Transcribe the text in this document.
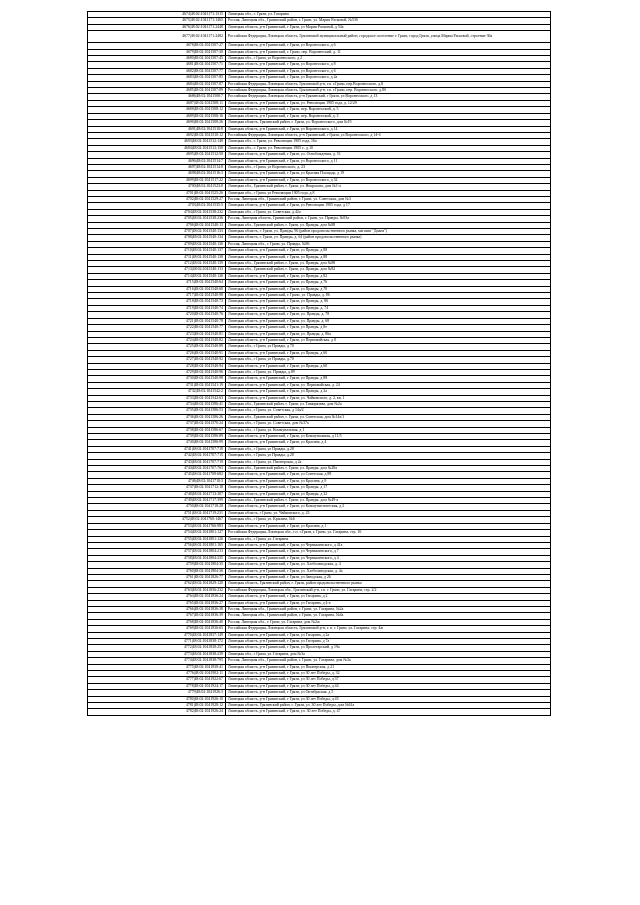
4674|48:02:1041171:1315	Липецкая обл., г. Грязи, ул. Гагарина
4675|48:02:1041171:1465	Россия, Липецкая обл., Грязинский район, г. Грязи, ул. Марии Расковой, №53б
4676|48:02:1041171:2448	Липецкая область, р-н Грязинский, г Грязи, ул Марии Расковой, д 54а
4677|48:02:1041171:2482	Российская Федерация, Липецкая область, Грязинский муниципальный район, городское поселение г. Грязи, город Грязи, улица Марии Расковой, строение 36а
4678|48:02:1041507:27	Липецкая область, р-н Грязинский, г Грязи, ул Воронеоского, д 6
4679|48:02:1041507:30	Липецкая область, р-н Грязинский, г. Грязи, пер. Воронеоский, д. 11
4680|48:02:1041507:45	Липецкая обл., г Грязи, ул Воронеоского, д 2
4681|48:02:1041507:71	Липецкая область, р-н Грязинский, г Грязи, ул Воронеоского, д 8
4682|48:02:1041507:77	Липецкая область, р-н Грязинский, г Грязи, ул Воронеоского, д 6
4683|48:02:1041507:85	Липецкая область, р-н Грязинский, г Грязи, ул Воронеоского, д 2а
4684|48:02:1041507:87	Российская Федерация, Липецкая область, Грязинский р-н, г.п. г.Грязи, пер.Воронеоского, д.8
4685|48:02:1041507:89	Российская Федерация, Липецкая область, Грязинский р-н, г.п. г.Грязи, пер. Воронеоского, д.8б
4686|48:02:1041508:7	Российская Федерация, Липецкая область, р-н Грязинский, г Грязи, ул Воронеоского, д 13
4687|48:02:1041508:11	Липецкая область, р-н Грязинский, г Грязи, ул. Революции 1905 года, д. 12/29
4688|48:02:1041508:12	Липецкая область, р-н Грязинский, г Грязи, пер. Воронеоский, д. 5
4689|48:02:1041508:16	Липецкая область, р-н Грязинский, г Грязи, пер. Воронеоский, д. 3
4690|48:02:1041508:26	Липецкая область, Грязинский район, г. Грязи, ул. Воронеоского, дом №19
4691|48:02:1041510:8	Липецкая область, р-н Грязинский, г Грязи, ул Воронеоского, д 14
4692|48:02:1041510:12	Российская Федерация, Липецкая область, р-н Грязинский, г Грязи, ул Воронеоского, д 14-б
4693|48:02:1041512:148	Липецкая обл., г. Грязи, ул. Революции 1905 года, 16а
4694|48:02:1041512:150	Липецкая обл., г. Грязи, ул. Революции 1905 г., д.10
4695|48:02:1041512:50	Липецкая область, р-н Грязинский, г Грязи, ул. Освобождения, д. 51
4696|48:02:1041514:7	Липецкая область, р-н Грязинский, г Грязи, ул Воронеоского, д 11
4697|48:02:1041514:8	Липецкая обл., г Грязи, ул Воронеоского, д. 23
4698|48:02:1041516:3	Липецкая область, р-н Грязинский, г Грязи, ул Красная Площадь, д 19
4699|48:02:1041517:22	Липецкая область, р-н Грязинский, г Грязи, ул Воронеоского, д 32
4700|48:02:1041523:8	Липецкая обл., Грязинский район, г. Грязи, ул. Некрасова, дом №1-а
4701|48:02:1041525:26	Липецкая обл., г Грязи, ул Революции 1905 года, д.8
4702|48:02:1041529:27	Россия, Липецкая обл., Грязинский район, г. Грязи, ул. Советская, дом №3
4703|48:02:1041535:5	Липецкая область, р-н Грязинский, г Грязи, ул Революции 1905 года, д 17
4704|48:02:1041538:232	Липецкая обл., г Грязи, ул. Советская, д.42а
4705|48:02:1041538:236	Россия, Липецкая область, Грязинский район, г. Грязи, ул. Правды, №93а
4706|48:02:1041540:13	Липецкая обл., Грязинский район, г. Грязи, ул. Правды, дом №88
4707|48:02:1041540:133	Липецкая область, г. Грязи, ул. Правды, 96 (район продовольственного рынка, магазин "Диана")
4708|48:02:1041540:134	Липецкая область, г. Грязи, ул. Правды, д. 64 (район продовольственного рынка)
4709|48:02:1041540:136	Россия, Липецкая обл., г. Грязи, ул. Правды, №86
4710|48:02:1041540:137	Липецкая область, р-н Грязинский, г Грязи, ул Правды, д 88
4711|48:02:1041540:138	Липецкая область, р-н Грязинский, г Грязи, ул Правды, д 88
4712|48:02:1041540:139	Липецкая обл., Грязинский район, г. Грязи, ул. Правды, дом №88
4713|48:02:1041540:113	Липецкая обл., Грязинский район, г. Грязи, ул. Правды, дом №82
4714|48:02:1041540:126	Липецкая область, р-н Грязинский, г Грязи, ул Правды, д 82
4715|48:02:1041540:64	Липецкая область, р-н Грязинский, г Грязи, ул Правды, д 76
4716|48:02:1041540:68	Липецкая область, р-н Грязинский, г Грязи, ул Правды, д 78
4717|48:02:1041540:98	Липецкая область, р-н Грязинский, г. Грязи, ул. Правды, д. 86
4718|48:02:1041540:73	Липецкая область, р-н Грязинский, г Грязи, ул Правды, д. 86
4719|48:02:1041540:74	Липецкая область, р-н Грязинский, г Грязи, ул Правды, д. 74
4720|48:02:1041540:76	Липецкая область, р-н Грязинский, г Грязи, ул. Правды, д. 78
4721|48:02:1041540:78	Липецкая область, р-н Грязинский, г Грязи, ул. Правды, д. 68
4722|48:02:1041540:77	Липецкая область, р-н Грязинский, г Грязи, ул Правды, д 8е
4723|48:02:1041540:81	Липецкая область, р-н Грязинский, г Грязи, ул. Правды, д. 86а
4724|48:02:1041540:82	Липецкая область, р-н Грязинский, г Грязи, ул Первомайская, д 8
4725|48:02:1041540:89	Липецкая обл., г Грязи, ул Правды, д 70
4726|48:02:1041540:91	Липецкая область, р-н Грязинский, г Грязи, ул Правды, д 60
4727|48:02:1041540:92	Липецкая обл., г Грязи, ул Правды, д.70
4728|48:02:1041540:94	Липецкая область, р-н Грязинский, г Грязи, ул Правды, д 60
4729|48:02:1041540:96	Липецкая обл., г Грязи, ул. Правды, д.89
4730|48:02:1041540:98	Липецкая область, р-н Грязинский, г Грязи, ул Правды, д 88
4731|48:02:1041541:19	Липецкая область, р-н Грязинский, г Грязи, ул. Первомайская, д. 24
4732|48:02:1041542:2	Липецкая область, р-н Грязинский, г Грязи, ул Правды, д 2а
4733|48:02:1041542:63	Липецкая область, р-н Грязинский, г Грязи, ул. Чайковского, д. 2, кв. 1
4734|48:02:1041586:41	Липецкая обл., Грязинский район, г. Грязи, ул. Тимирязева, дом №2а
4735|48:02:1041586:53	Липецкая обл., г Грязи, ул. Советская, д 14а/2
4736|48:02:1041586:26	Липецкая обл., Грязинский район, г. Грязи, ул. Советская, дом №14а/1
4737|48:02:1041570:24	Липецкая обл., г Грязи, ул. Советская, дом №37а
4738|48:02:1041586:67	Липецкая обл., г Грязи, ул. Коммунальная, д 1
4739|48:02:1041586:89	Липецкая область, р-н Грязинский, г Грязи, ул Коммунальная, д 11/5
4740|48:02:1041586:99	Липецкая область, р-н Грязинский, г Грязи, ул Красина, д 4
4741|48:02:1041707:718	Липецкая обл., г Грязи, ул Правды, д.28
4742|48:02:1041707:715	Липецкая обл., г Грязи, ул Правды, д.28
4743|48:02:1041707:719	Липецкая обл., г Грязи, ул. Пионерская, д 2а
4744|48:02:1041707:763	Липецкая обл., Грязинский район, г. Грязи, ул. Правды, дом №28а
4745|48:02:1041708:682	Липецкая область, р-н Грязинский, г Грязи, ул Советская, д 88
4746|48:02:1041710:3	Липецкая область, р-н Грязинский, г Грязи, ул Красина, д 9
4747|48:02:1041712:18	Липецкая область, р-н Грязинский, г Грязи, ул Правды, д 17
4748|48:02:1041713:307	Липецкая область, р-н Грязинский, г Грязи, ул Правды, д 32
4749|48:02:1041717:399	Липецкая обл., Грязинский район, г. Грязи, ул. Правды, дом №49-а
4750|48:02:1041718:28	Липецкая область, р-н Грязинский, г Грязи, ул Коммунистическая, д 2
4751|48:02:1041719:231	Липецкая область, г Грязи, ул. Чайковского, д. 23
4752|48:02:1041760:1467	Липецкая обл., г Грязи, ул. Красина, №6
4753|48:02:1041766:983	Липецкая область, р-н Грязинский, г Грязи, ул Красина, д 1
4754|48:02:1041801:127	Российская Федерация, Липецкая обл., г.п. г.Грязи, г. Грязи, ул. Гагарина, стр. 16
4755|48:02:1041801:126	Липецкая обл., г Грязи, ул. Гагарина
4756|48:02:1041801:165	Липецкая область, р-н Грязинский, г Грязи, ул Чернышевского, д 41а
4757|48:02:1041804:213	Липецкая область, р-н Грязинский, г Грязи, ул Чернышевского, д 7
4758|48:02:1041804:235	Липецкая область, р-н Грязинский, г Грязи, ул Чернышевского, д 4
4759|48:02:1041804:35	Липецкая область, р-н Грязинский, г Грязи, ул. Хлебозаводская, д. 4
4760|48:02:1041804:36	Липецкая область, р-н Грязинский, г Грязи, ул. Хлебозаводская, д. 4а
4761|48:02:1041826:77	Липецкая область, р-н Грязинский, г Грязи, ул Заводская, д 26
4762|48:02:1041829:120	Липецкая область, Грязинский район, г. Грязи, район продовольственного рынка
4763|48:02:1041836:232	Российская Федерация, Липецкая обл., Грязинский р-н, г.п. г. Грязи, ул. Гагарина, стр. 2/2
4764|48:02:1041836:24	Липецкая область, р-н Грязинский, г Грязи, ул Гагарина, д 2
4765|48:02:1041836:27	Липецкая область, р-н Грязинский, г Грязи, ул Гагарина, д 4-а
4766|48:02:1041836:38	Россия, Липецкая обл., Грязинский район, г. Грязи, ул. Гагарина, №2а
4767|48:02:1041836:39	Россия, Липецкая обл., Грязинский район, г. Грязи, ул. Гагарина, №4а
4768|48:02:1041836:40	Россия, Липецкая обл., г. Грязи, ул. Гагарина, дом №2ж
4769|48:02:1041836:65	Российская Федерация, Липецкая область, Грязинский р-н, г. п. г. Грязи, ул. Гагарина, стр. 4ж
4770|48:02:1041837:149	Липецкая область, р-н Грязинский, г Грязи, ул Гагарина, д 2а
4771|48:02:1041838:172	Липецкая область, р-н Грязинский, г Грязи, ул Гагарина, д 7а
4772|48:02:1041838:257	Липецкая область, р-н Грязинский, г Грязи, ул Пролетарский, д 19а
4773|48:02:1041838:239	Липецкая обл., г Грязи, ул. Гагарина, дом №3а
4774|48:02:1041838:795	Россия, Липецкая обл., Грязинский район, г. Грязи, ул. Гагарина, дом №3а
4775|48:02:1041838:41	Липецкая область, р-н Грязинский, г Грязи, ул Пионерская, д 21
4776|48:02:1041902:11	Липецкая область, р-н Грязинский, г Грязи, ул 30 лет Победы, д. 32
4777|48:02:1041922:67	Липецкая область, р-н Грязинский, г Грязи, ул 30 лет Победы, д 37
4778|48:02:1041924:17	Липецкая область, р-н Грязинский, г Грязи, ул 30 лет Победы, д 44
4779|48:02:1041926:3	Липецкая область, р-н Грязинский, г Грязи, ул Октябрьская, д 5
4780|48:02:1041926:10	Липецкая область, р-н Грязинский, г Грязи, ул 30 лет Победы, д 45
4781|48:02:1041928:12	Липецкая область, Грязинский район, г. Грязи, ул. 30 лет Победы, дом №61а
4782|48:02:1041926:24	Липецкая область, р-н Грязинский, г Грязи, ул. 30 лет Победы, д. 47
